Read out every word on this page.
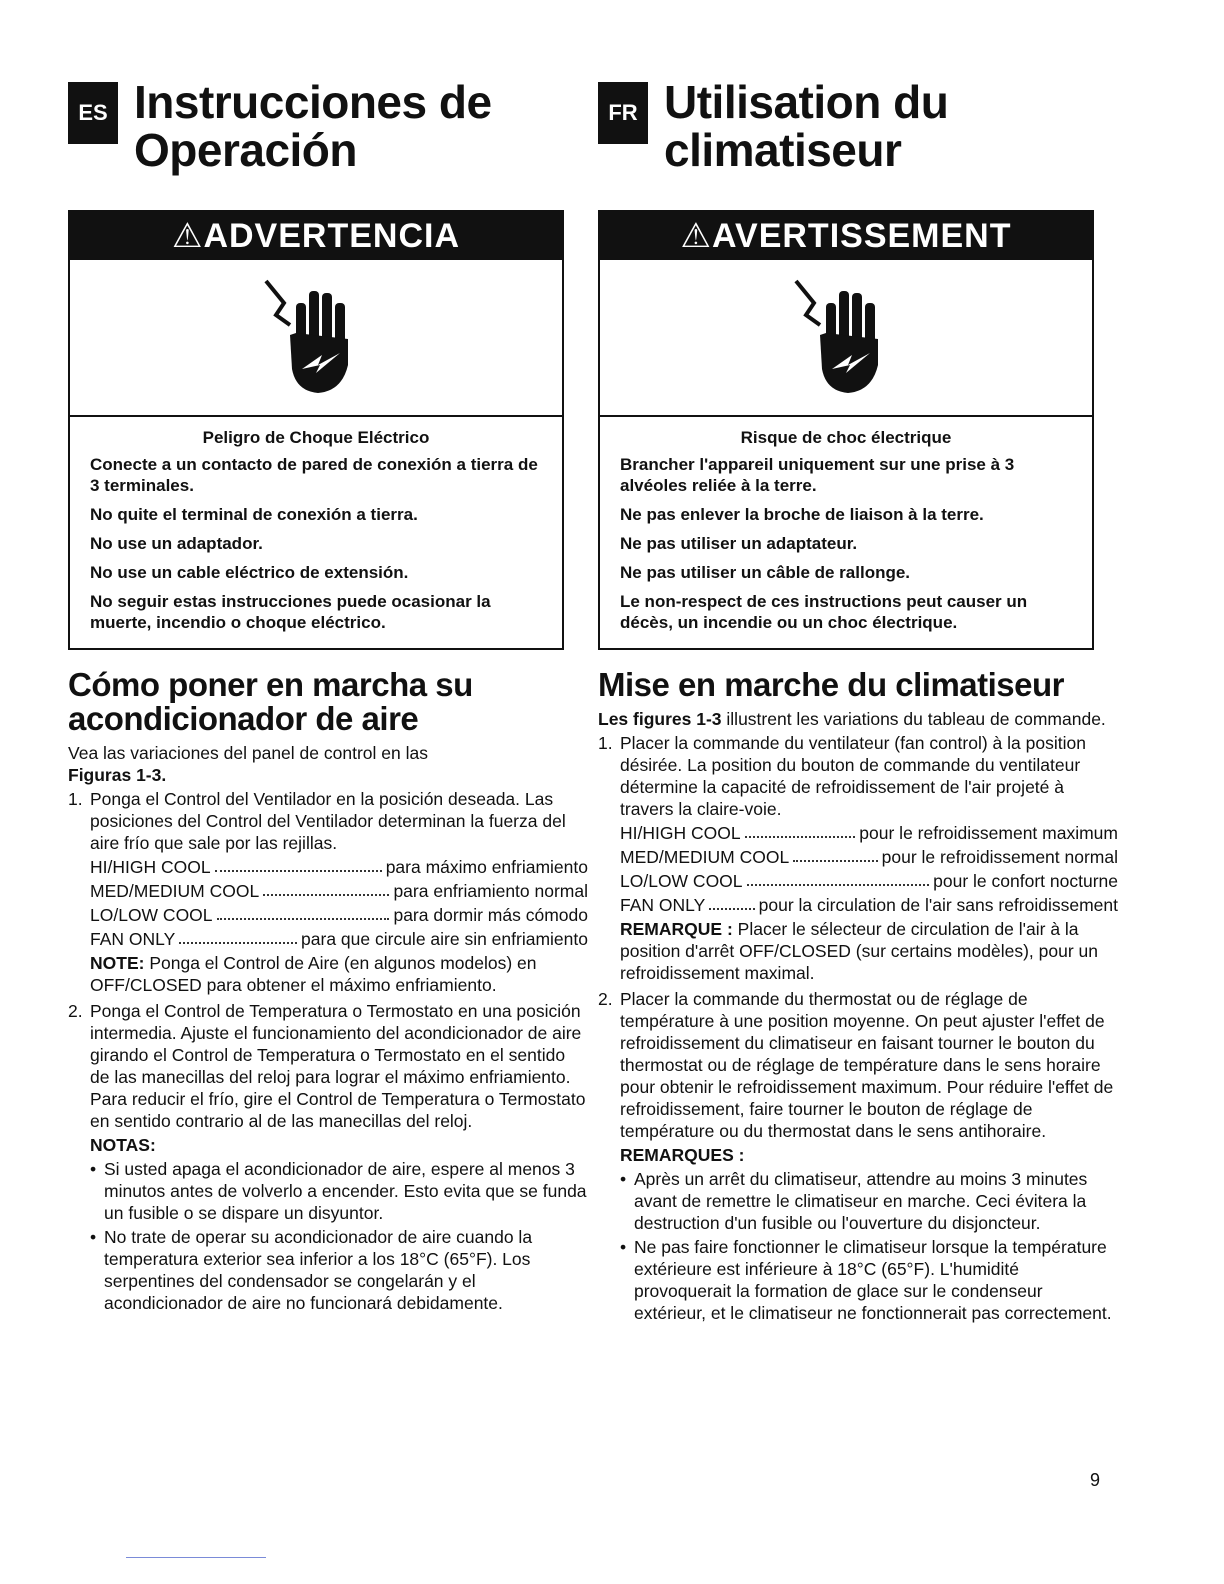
ES Instrucciones de
Operación
⚠ADVERTENCIA

Peligro de Choque Eléctrico

Conecte a un contacto de pared de conexión a tierra de 3 terminales.

No quite el terminal de conexión a tierra.

No use un adaptador.

No use un cable eléctrico de extensión.

No seguir estas instrucciones puede ocasionar la muerte, incendio o choque eléctrico.

Cómo poner en marcha su acondicionador de aire

Vea las variaciones del panel de control en las
Figuras 1-3.

1. Ponga el Control del Ventilador en la posición deseada. Las posiciones del Control del Ventilador determinan la fuerza del aire frío que sale por las rejillas.

HI/HIGH COOL	para máximo enfriamiento
MED/MEDIUM COOL	para enfriamiento normal
LO/LOW COOL	para dormir más cómodo
FAN ONLY	para que circule aire sin enfriamiento

NOTE: Ponga el Control de Aire (en algunos modelos) en OFF/CLOSED para obtener el máximo enfriamiento.

2. Ponga el Control de Temperatura o Termostato en una posición intermedia. Ajuste el funcionamiento del acondicionador de aire girando el Control de Temperatura o Termostato en el sentido de las manecillas del reloj para lograr el máximo enfriamiento. Para reducir el frío, gire el Control de Temperatura o Termostato en sentido contrario al de las manecillas del reloj.

NOTAS:

• Si usted apaga el acondicionador de aire, espere al menos 3 minutos antes de volverlo a encender. Esto evita que se funda un fusible o se dispare un disyuntor.
• No trate de operar su acondicionador de aire cuando la temperatura exterior sea inferior a los 18°C (65°F). Los serpentines del condensador se congelarán y el acondicionador de aire no funcionará debidamente.
FR Utilisation du
climatiseur
⚠AVERTISSEMENT

Risque de choc électrique

Brancher l'appareil uniquement sur une prise à 3 alvéoles reliée à la terre.

Ne pas enlever la broche de liaison à la terre.

Ne pas utiliser un adaptateur.

Ne pas utiliser un câble de rallonge.

Le non-respect de ces instructions peut causer un décès, un incendie ou un choc électrique.

Mise en marche du climatiseur

Les figures 1-3 illustrent les variations du tableau de commande.

1. Placer la commande du ventilateur (fan control) à la position désirée. La position du bouton de commande du ventilateur détermine la capacité de refroidissement de l'air projeté à travers la claire-voie.

HI/HIGH COOL	pour le refroidissement maximum
MED/MEDIUM COOL	pour le refroidissement normal
LO/LOW COOL	pour le confort nocturne
FAN ONLY	pour la circulation de l'air sans refroidissement

REMARQUE : Placer le sélecteur de circulation de l'air à la position d'arrêt OFF/CLOSED (sur certains modèles), pour un refroidissement maximal.

2. Placer la commande du thermostat ou de réglage de température à une position moyenne. On peut ajuster l'effet de refroidissement du climatiseur en faisant tourner le bouton du thermostat ou de réglage de température dans le sens horaire pour obtenir le refroidissement maximum. Pour réduire l'effet de refroidissement, faire tourner le bouton de réglage de température ou du thermostat dans le sens antihoraire.

REMARQUES :

• Après un arrêt du climatiseur, attendre au moins 3 minutes avant de remettre le climatiseur en marche. Ceci évitera la destruction d'un fusible ou l'ouverture du disjoncteur.
• Ne pas faire fonctionner le climatiseur lorsque la température extérieure est inférieure à 18°C (65°F). L'humidité provoquerait la formation de glace sur le condenseur extérieur, et le climatiseur ne fonctionnerait pas correctement.
9
